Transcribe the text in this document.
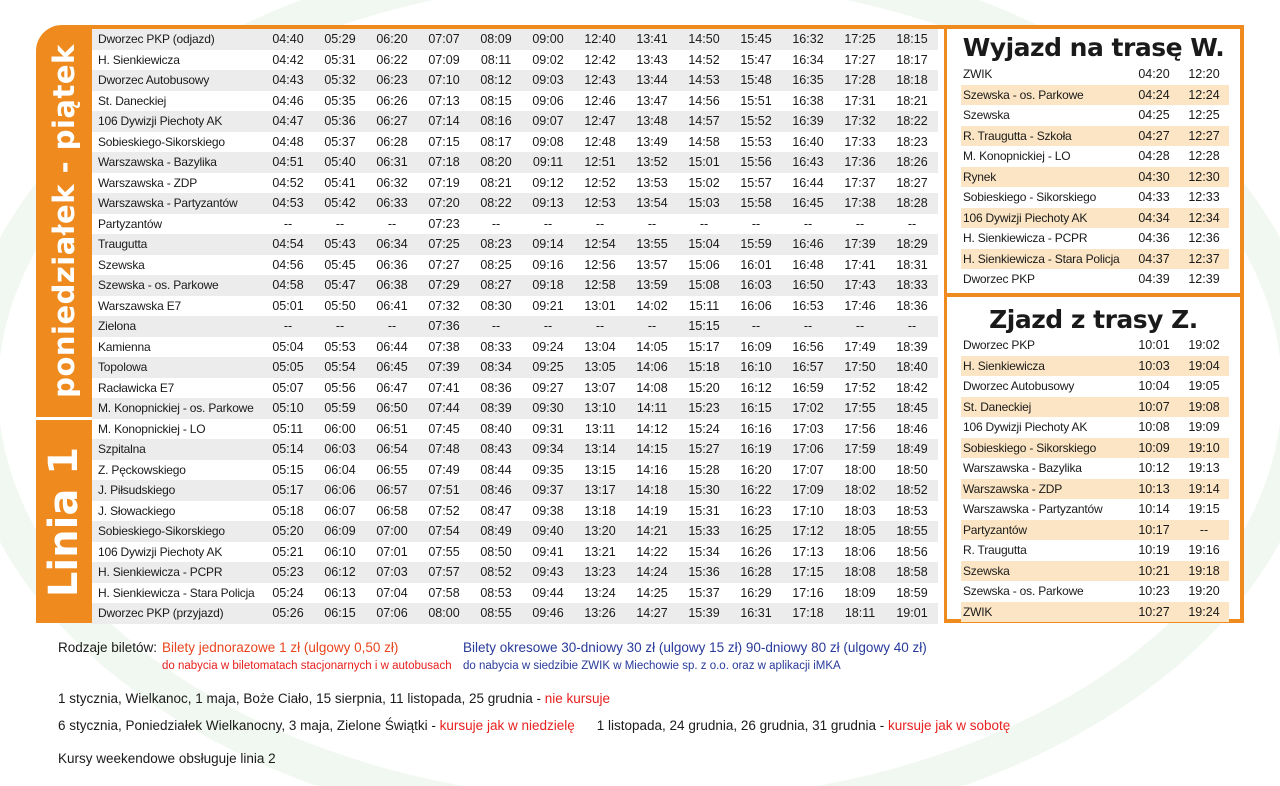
poniedziałek - piątek
Linia 1
Dworzec PKP (odjazd)	04:40	05:29	06:20	07:07	08:09	09:00	12:40	13:41	14:50	15:45	16:32	17:25	18:15
H. Sienkiewicza	04:42	05:31	06:22	07:09	08:11	09:02	12:42	13:43	14:52	15:47	16:34	17:27	18:17
Dworzec Autobusowy	04:43	05:32	06:23	07:10	08:12	09:03	12:43	13:44	14:53	15:48	16:35	17:28	18:18
St. Daneckiej	04:46	05:35	06:26	07:13	08:15	09:06	12:46	13:47	14:56	15:51	16:38	17:31	18:21
106 Dywizji Piechoty AK	04:47	05:36	06:27	07:14	08:16	09:07	12:47	13:48	14:57	15:52	16:39	17:32	18:22
Sobieskiego-Sikorskiego	04:48	05:37	06:28	07:15	08:17	09:08	12:48	13:49	14:58	15:53	16:40	17:33	18:23
Warszawska - Bazylika	04:51	05:40	06:31	07:18	08:20	09:11	12:51	13:52	15:01	15:56	16:43	17:36	18:26
Warszawska - ZDP	04:52	05:41	06:32	07:19	08:21	09:12	12:52	13:53	15:02	15:57	16:44	17:37	18:27
Warszawska - Partyzantów	04:53	05:42	06:33	07:20	08:22	09:13	12:53	13:54	15:03	15:58	16:45	17:38	18:28
Partyzantów	--	--	--	07:23	--	--	--	--	--	--	--	--	--
Traugutta	04:54	05:43	06:34	07:25	08:23	09:14	12:54	13:55	15:04	15:59	16:46	17:39	18:29
Szewska	04:56	05:45	06:36	07:27	08:25	09:16	12:56	13:57	15:06	16:01	16:48	17:41	18:31
Szewska - os. Parkowe	04:58	05:47	06:38	07:29	08:27	09:18	12:58	13:59	15:08	16:03	16:50	17:43	18:33
Warszawska E7	05:01	05:50	06:41	07:32	08:30	09:21	13:01	14:02	15:11	16:06	16:53	17:46	18:36
Zielona	--	--	--	07:36	--	--	--	--	15:15	--	--	--	--
Kamienna	05:04	05:53	06:44	07:38	08:33	09:24	13:04	14:05	15:17	16:09	16:56	17:49	18:39
Topolowa	05:05	05:54	06:45	07:39	08:34	09:25	13:05	14:06	15:18	16:10	16:57	17:50	18:40
Racławicka E7	05:07	05:56	06:47	07:41	08:36	09:27	13:07	14:08	15:20	16:12	16:59	17:52	18:42
M. Konopnickiej - os. Parkowe	05:10	05:59	06:50	07:44	08:39	09:30	13:10	14:11	15:23	16:15	17:02	17:55	18:45
M. Konopnickiej - LO	05:11	06:00	06:51	07:45	08:40	09:31	13:11	14:12	15:24	16:16	17:03	17:56	18:46
Szpitalna	05:14	06:03	06:54	07:48	08:43	09:34	13:14	14:15	15:27	16:19	17:06	17:59	18:49
Z. Pęckowskiego	05:15	06:04	06:55	07:49	08:44	09:35	13:15	14:16	15:28	16:20	17:07	18:00	18:50
J. Piłsudskiego	05:17	06:06	06:57	07:51	08:46	09:37	13:17	14:18	15:30	16:22	17:09	18:02	18:52
J. Słowackiego	05:18	06:07	06:58	07:52	08:47	09:38	13:18	14:19	15:31	16:23	17:10	18:03	18:53
Sobieskiego-Sikorskiego	05:20	06:09	07:00	07:54	08:49	09:40	13:20	14:21	15:33	16:25	17:12	18:05	18:55
106 Dywizji Piechoty AK	05:21	06:10	07:01	07:55	08:50	09:41	13:21	14:22	15:34	16:26	17:13	18:06	18:56
H. Sienkiewicza - PCPR	05:23	06:12	07:03	07:57	08:52	09:43	13:23	14:24	15:36	16:28	17:15	18:08	18:58
H. Sienkiewicza - Stara Policja	05:24	06:13	07:04	07:58	08:53	09:44	13:24	14:25	15:37	16:29	17:16	18:09	18:59
Dworzec PKP (przyjazd)	05:26	06:15	07:06	08:00	08:55	09:46	13:26	14:27	15:39	16:31	17:18	18:11	19:01
Wyjazd na trasę W.
ZWIK	04:20	12:20
Szewska - os. Parkowe	04:24	12:24
Szewska	04:25	12:25
R. Traugutta - Szkoła	04:27	12:27
M. Konopnickiej - LO	04:28	12:28
Rynek	04:30	12:30
Sobieskiego - Sikorskiego	04:33	12:33
106 Dywizji Piechoty AK	04:34	12:34
H. Sienkiewicza - PCPR	04:36	12:36
H. Sienkiewicza - Stara Policja	04:37	12:37
Dworzec PKP	04:39	12:39
Zjazd z trasy Z.
Dworzec PKP	10:01	19:02
H. Sienkiewicza	10:03	19:04
Dworzec Autobusowy	10:04	19:05
St. Daneckiej	10:07	19:08
106 Dywizji Piechoty AK	10:08	19:09
Sobieskiego - Sikorskiego	10:09	19:10
Warszawska - Bazylika	10:12	19:13
Warszawska - ZDP	10:13	19:14
Warszawska - Partyzantów	10:14	19:15
Partyzantów	10:17	--
R. Traugutta	10:19	19:16
Szewska	10:21	19:18
Szewska - os. Parkowe	10:23	19:20
ZWIK	10:27	19:24
Rodzaje biletów: Bilety jednorazowe 1 zł (ulgowy 0,50 zł)
do nabycia w biletomatach stacjonarnych i w autobusach
Bilety okresowe 30-dniowy 30 zł (ulgowy 15 zł) 90-dniowy 80 zł (ulgowy 40 zł)
do nabycia w siedzibie ZWIK w Miechowie sp. z o.o. oraz w aplikacji iMKA
1 stycznia, Wielkanoc, 1 maja, Boże Ciało, 15 sierpnia, 11 listopada, 25 grudnia - nie kursuje
6 stycznia, Poniedziałek Wielkanocny, 3 maja, Zielone Świątki - kursuje jak w niedzielę 1 listopada, 24 grudnia, 26 grudnia, 31 grudnia - kursuje jak w sobotę
Kursy weekendowe obsługuje linia 2
